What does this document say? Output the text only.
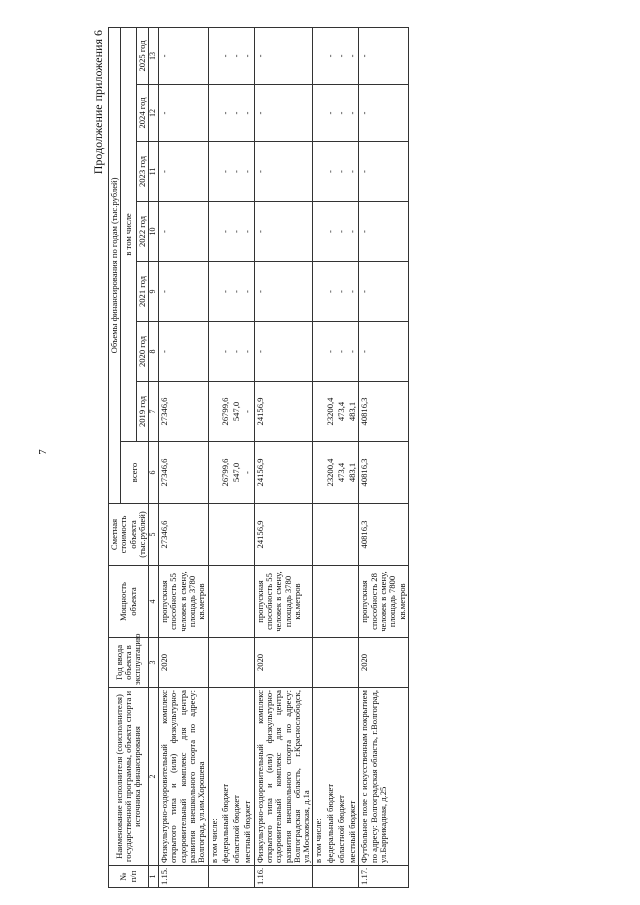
7
Продолжение приложения 6
№ п/п	Наименование исполнителя (соисполнителя) государственной программы, объекта спорта и источника финансирования	Год ввода объекта в эксплуатацию	Мощность объекта	Сметная стоимость объекта (тыс.рублей)	Объемы финансирования по годам (тыс.рублей)							
					всего	в том числе						
						2019 год	2020 год	2021 год	2022 год	2023 год	2024 год	2025 год
1	2	3	4	5	6	7	8	9	10	11	12	13
1.15.	Физкультурно-оздоровительный комплекс открытого типа и (или) физкультурно-оздоровительный комплекс для центра развития внешкольного спорта по адресу: Волгоград, ул.им.Хорошева	2020	пропускная способность 55 человек в смену, площадь 3780 кв.метров	27346,6	27346,6	27346,6	-	-	-	-	-	-
	в том числе:											
	федеральный бюджет				26799,6	26799,6	-	-	-	-	-	-
	областной бюджет				547,0	547,0	-	-	-	-	-	-
	местный бюджет				-	-	-	-	-	-	-	-
1.16.	Физкультурно-оздоровительный комплекс открытого типа и (или) физкультурно-оздоровительный комплекс для центра развития внешкольного спорта по адресу: Волгоградская область, г.Краснослободск, ул.Московская, д.1а	2020	пропускная способность 55 человек в смену, площадь 3780 кв.метров	24156,9	24156,9	24156,9	-	-	-	-	-	-
	в том числе:											
	федеральный бюджет				23200,4	23200,4	-	-	-	-	-	-
	областной бюджет				473,4	473,4	-	-	-	-	-	-
	местный бюджет				483,1	483,1	-	-	-	-	-	-
1.17.	Футбольное поле с искусственным покрытием по адресу: Волгоградская область, г.Волгоград, ул.Баррикадная, д.25	2020	пропускная способность 28 человек в смену, площадь 7800 кв.метров	40816,3	40816,3	40816,3	-	-	-	-	-	-
